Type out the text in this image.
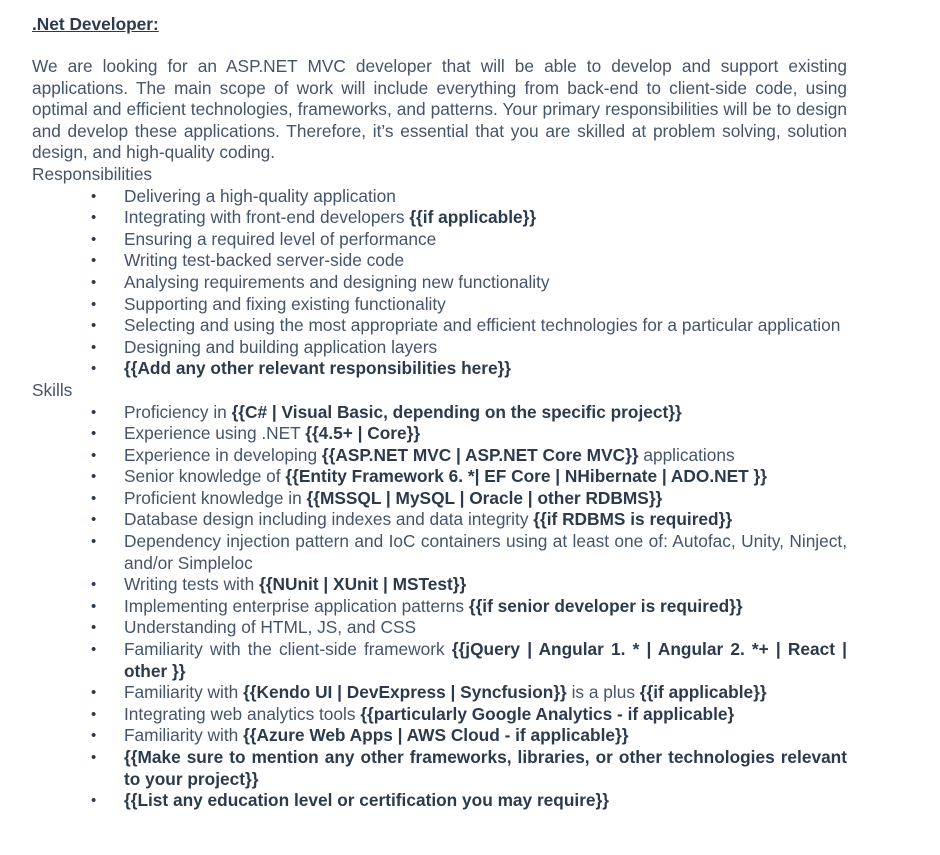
.Net Developer:

We are looking for an ASP.NET MVC developer that will be able to develop and support existing applications. The main scope of work will include everything from back-end to client-side code, using optimal and efficient technologies, frameworks, and patterns. Your primary responsibilities will be to design and develop these applications. Therefore, it’s essential that you are skilled at problem solving, solution design, and high-quality coding.

Responsibilities

• Delivering a high-quality application
• Integrating with front-end developers {{if applicable}}
• Ensuring a required level of performance
• Writing test-backed server-side code
• Analysing requirements and designing new functionality
• Supporting and fixing existing functionality
• Selecting and using the most appropriate and efficient technologies for a particular application
• Designing and building application layers
• {{Add any other relevant responsibilities here}}

Skills

• Proficiency in {{C# | Visual Basic, depending on the specific project}}
• Experience using .NET {{4.5+ | Core}}
• Experience in developing {{ASP.NET MVC | ASP.NET Core MVC}} applications
• Senior knowledge of {{Entity Framework 6. *| EF Core | NHibernate | ADO.NET }}
• Proficient knowledge in {{MSSQL | MySQL | Oracle | other RDBMS}}
• Database design including indexes and data integrity {{if RDBMS is required}}
• Dependency injection pattern and IoC containers using at least one of: Autofac, Unity, Ninject, and/or Simpleloc
• Writing tests with {{NUnit | XUnit | MSTest}}
• Implementing enterprise application patterns {{if senior developer is required}}
• Understanding of HTML, JS, and CSS
• Familiarity with the client-side framework {{jQuery | Angular 1. * | Angular 2. *+ | React | other }}
• Familiarity with {{Kendo UI | DevExpress | Syncfusion}} is a plus {{if applicable}}
• Integrating web analytics tools {{particularly Google Analytics - if applicable}
• Familiarity with {{Azure Web Apps | AWS Cloud - if applicable}}
• {{Make sure to mention any other frameworks, libraries, or other technologies relevant to your project}}
• {{List any education level or certification you may require}}
